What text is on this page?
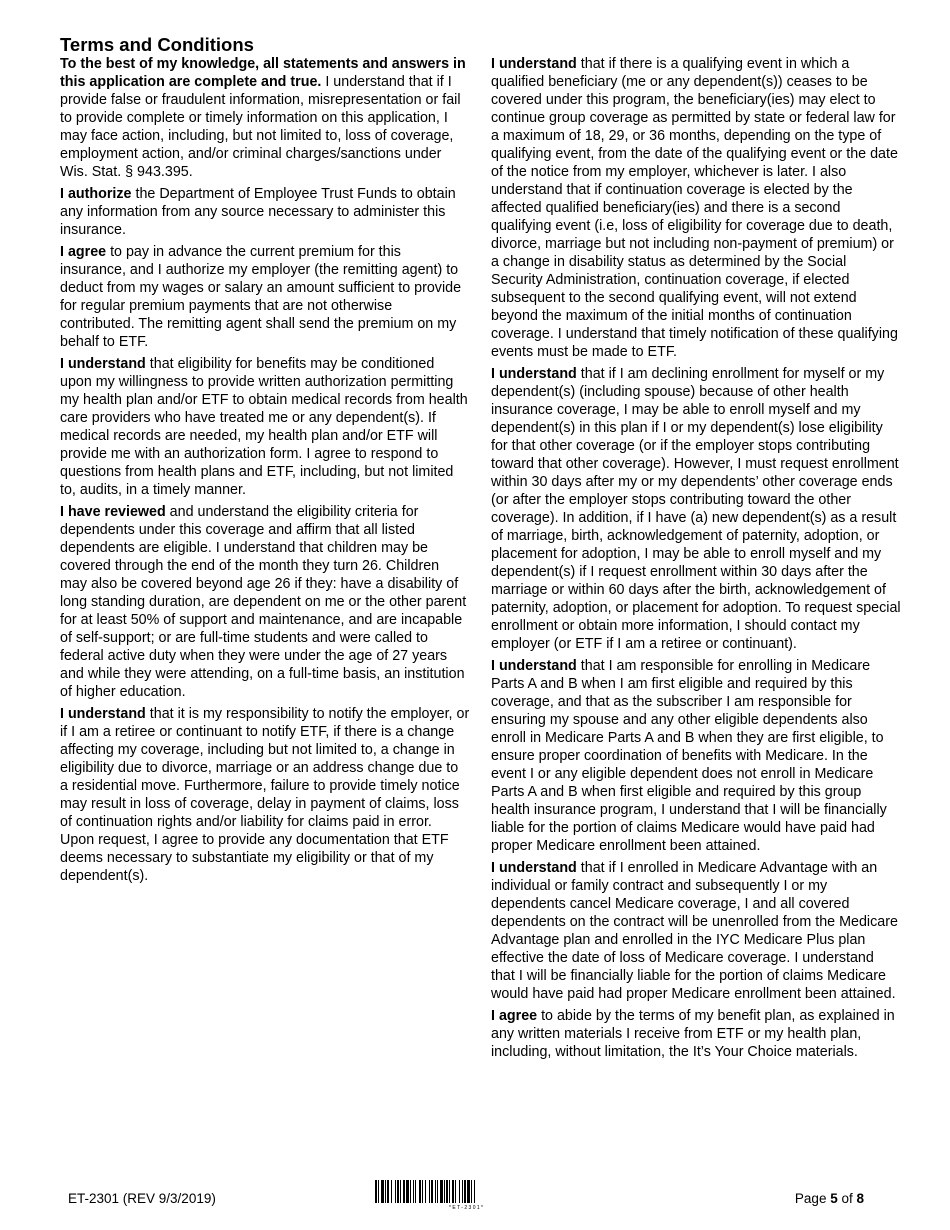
Terms and Conditions

To the best of my knowledge, all statements and answers in this application are complete and true. I understand that if I provide false or fraudulent information, misrepresentation or fail to provide complete or timely information on this application, I may face action, including, but not limited to, loss of coverage, employment action, and/or criminal charges/sanctions under Wis. Stat. § 943.395.

I authorize the Department of Employee Trust Funds to obtain any information from any source necessary to administer this insurance.

I agree to pay in advance the current premium for this insurance, and I authorize my employer (the remitting agent) to deduct from my wages or salary an amount sufficient to provide for regular premium payments that are not otherwise contributed. The remitting agent shall send the premium on my behalf to ETF.

I understand that eligibility for benefits may be conditioned upon my willingness to provide written authorization permitting my health plan and/or ETF to obtain medical records from health care providers who have treated me or any dependent(s). If medical records are needed, my health plan and/or ETF will provide me with an authorization form. I agree to respond to questions from health plans and ETF, including, but not limited to, audits, in a timely manner.

I have reviewed and understand the eligibility criteria for dependents under this coverage and affirm that all listed dependents are eligible. I understand that children may be covered through the end of the month they turn 26. Children may also be covered beyond age 26 if they: have a disability of long standing duration, are dependent on me or the other parent for at least 50% of support and maintenance, and are incapable of self-support; or are full-time students and were called to federal active duty when they were under the age of 27 years and while they were attending, on a full-time basis, an institution of higher education.

I understand that it is my responsibility to notify the employer, or if I am a retiree or continuant to notify ETF, if there is a change affecting my coverage, including but not limited to, a change in eligibility due to divorce, marriage or an address change due to a residential move. Furthermore, failure to provide timely notice may result in loss of coverage, delay in payment of claims, loss of continuation rights and/or liability for claims paid in error. Upon request, I agree to provide any documentation that ETF deems necessary to substantiate my eligibility or that of my dependent(s).

I understand that if there is a qualifying event in which a qualified beneficiary (me or any dependent(s)) ceases to be covered under this program, the beneficiary(ies) may elect to continue group coverage as permitted by state or federal law for a maximum of 18, 29, or 36 months, depending on the type of qualifying event, from the date of the qualifying event or the date of the notice from my employer, whichever is later. I also understand that if continuation coverage is elected by the affected qualified beneficiary(ies) and there is a second qualifying event (i.e, loss of eligibility for coverage due to death, divorce, marriage but not including non-payment of premium) or a change in disability status as determined by the Social Security Administration, continuation coverage, if elected subsequent to the second qualifying event, will not extend beyond the maximum of the initial months of continuation coverage. I understand that timely notification of these qualifying events must be made to ETF.

I understand that if I am declining enrollment for myself or my dependent(s) (including spouse) because of other health insurance coverage, I may be able to enroll myself and my dependent(s) in this plan if I or my dependent(s) lose eligibility for that other coverage (or if the employer stops contributing toward that other coverage). However, I must request enrollment within 30 days after my or my dependents’ other coverage ends (or after the employer stops contributing toward the other coverage). In addition, if I have (a) new dependent(s) as a result of marriage, birth, acknowledgement of paternity, adoption, or placement for adoption, I may be able to enroll myself and my dependent(s) if I request enrollment within 30 days after the marriage or within 60 days after the birth, acknowledgement of paternity, adoption, or placement for adoption. To request special enrollment or obtain more information, I should contact my employer (or ETF if I am a retiree or continuant).

I understand that I am responsible for enrolling in Medicare Parts A and B when I am first eligible and required by this coverage, and that as the subscriber I am responsible for ensuring my spouse and any other eligible dependents also enroll in Medicare Parts A and B when they are first eligible, to ensure proper coordination of benefits with Medicare. In the event I or any eligible dependent does not enroll in Medicare Parts A and B when first eligible and required by this group health insurance program, I understand that I will be financially liable for the portion of claims Medicare would have paid had proper Medicare enrollment been attained.

I understand that if I enrolled in Medicare Advantage with an individual or family contract and subsequently I or my dependents cancel Medicare coverage, I and all covered dependents on the contract will be unenrolled from the Medicare Advantage plan and enrolled in the IYC Medicare Plus plan effective the date of loss of Medicare coverage. I understand that I will be financially liable for the portion of claims Medicare would have paid had proper Medicare enrollment been attained.

I agree to abide by the terms of my benefit plan, as explained in any written materials I receive from ETF or my health plan, including, without limitation, the It’s Your Choice materials.

ET-2301 (REV 9/3/2019)
* E T - 2 3 0 1 *
Page 5 of 8
